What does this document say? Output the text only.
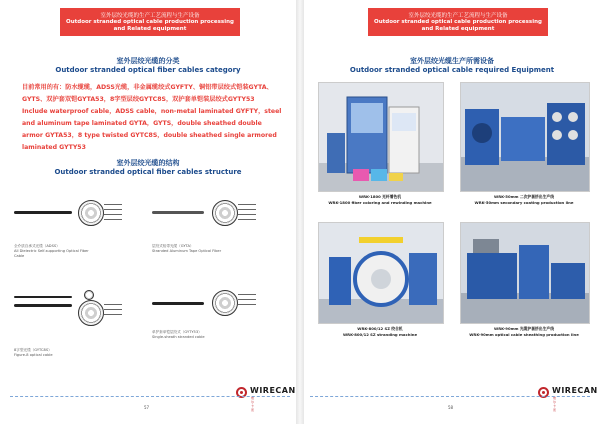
室外层绞光缆的生产工艺流程与生产设备
Outdoor stranded optical cable production processing and Related equipment
室外层绞光缆的分类
Outdoor stranded optical fiber cables category

目前常用的有：防水缆缆，ADSS光缆，非金属缆绞式GYFTY、铜铝带层绞式铠装GYTA、GYTS、双护套双铠GYTA53，8字型层绞GYTC8S，双护套单铠装层绞式GYTY53

Include waterproof cable，ADSS cable，non-metal laminated GYFTY，steel and aluminum tape laminated GYTA，GYTS，double sheathed double armor GYTA53，8 type twisted GYTC8S，double sheathed single armored laminated GYTY53

室外层绞光缆的结构
Outdoor stranded optical fiber cables structure
全介质自承式光缆（ADSS）
All Dielectric Self-supporting Optical Fiber Cable
层绞式铝带光缆（GYTA）
Stranded Aluminum Tape Optical Fiber
8字型光缆（GYTC8S）
Figure-8 optical cable
单护套单铠层绞式（GYTY53）
Single-sheath stranded cable
WIRECAN
维尔卡恩
57
室外层绞光缆的生产工艺流程与生产设备
Outdoor stranded optical cable production processing and Related equipment
室外层绞光缆生产所需设备
Outdoor stranded optical cable required Equipment
WRK-1800 光纤着色机
WRK-1800 fiber coloring and rewinding machine
WRK-50mm 二次护套挤出生产线
WRK-50mm secondary coating production line
WRK-800/12 SZ 绞合机
WRK-800/12 SZ stranding machine
WRK-90mm 光缆护套挤出生产线
WRK-90mm optical cable sheathing production line
WIRECAN
维尔卡恩
58
